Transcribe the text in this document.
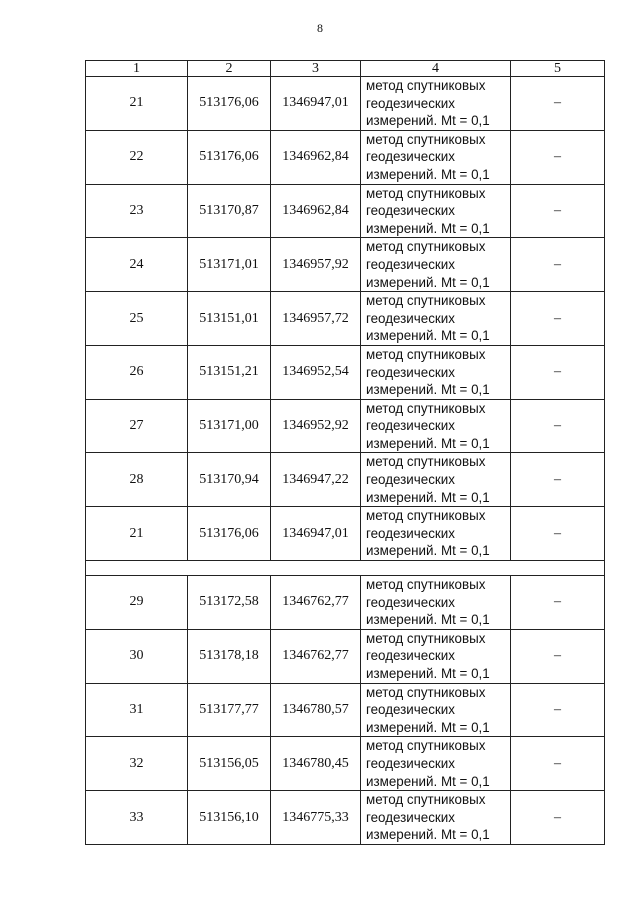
8
1	2	3	4	5
21	513176,06	1346947,01	метод спутниковых геодезических измерений. Mt = 0,1	–
22	513176,06	1346962,84	метод спутниковых геодезических измерений. Mt = 0,1	–
23	513170,87	1346962,84	метод спутниковых геодезических измерений. Mt = 0,1	–
24	513171,01	1346957,92	метод спутниковых геодезических измерений. Mt = 0,1	–
25	513151,01	1346957,72	метод спутниковых геодезических измерений. Mt = 0,1	–
26	513151,21	1346952,54	метод спутниковых геодезических измерений. Mt = 0,1	–
27	513171,00	1346952,92	метод спутниковых геодезических измерений. Mt = 0,1	–
28	513170,94	1346947,22	метод спутниковых геодезических измерений. Mt = 0,1	–
21	513176,06	1346947,01	метод спутниковых геодезических измерений. Mt = 0,1	–

29	513172,58	1346762,77	метод спутниковых геодезических измерений. Mt = 0,1	–
30	513178,18	1346762,77	метод спутниковых геодезических измерений. Mt = 0,1	–
31	513177,77	1346780,57	метод спутниковых геодезических измерений. Mt = 0,1	–
32	513156,05	1346780,45	метод спутниковых геодезических измерений. Mt = 0,1	–
33	513156,10	1346775,33	метод спутниковых геодезических измерений. Mt = 0,1	–
